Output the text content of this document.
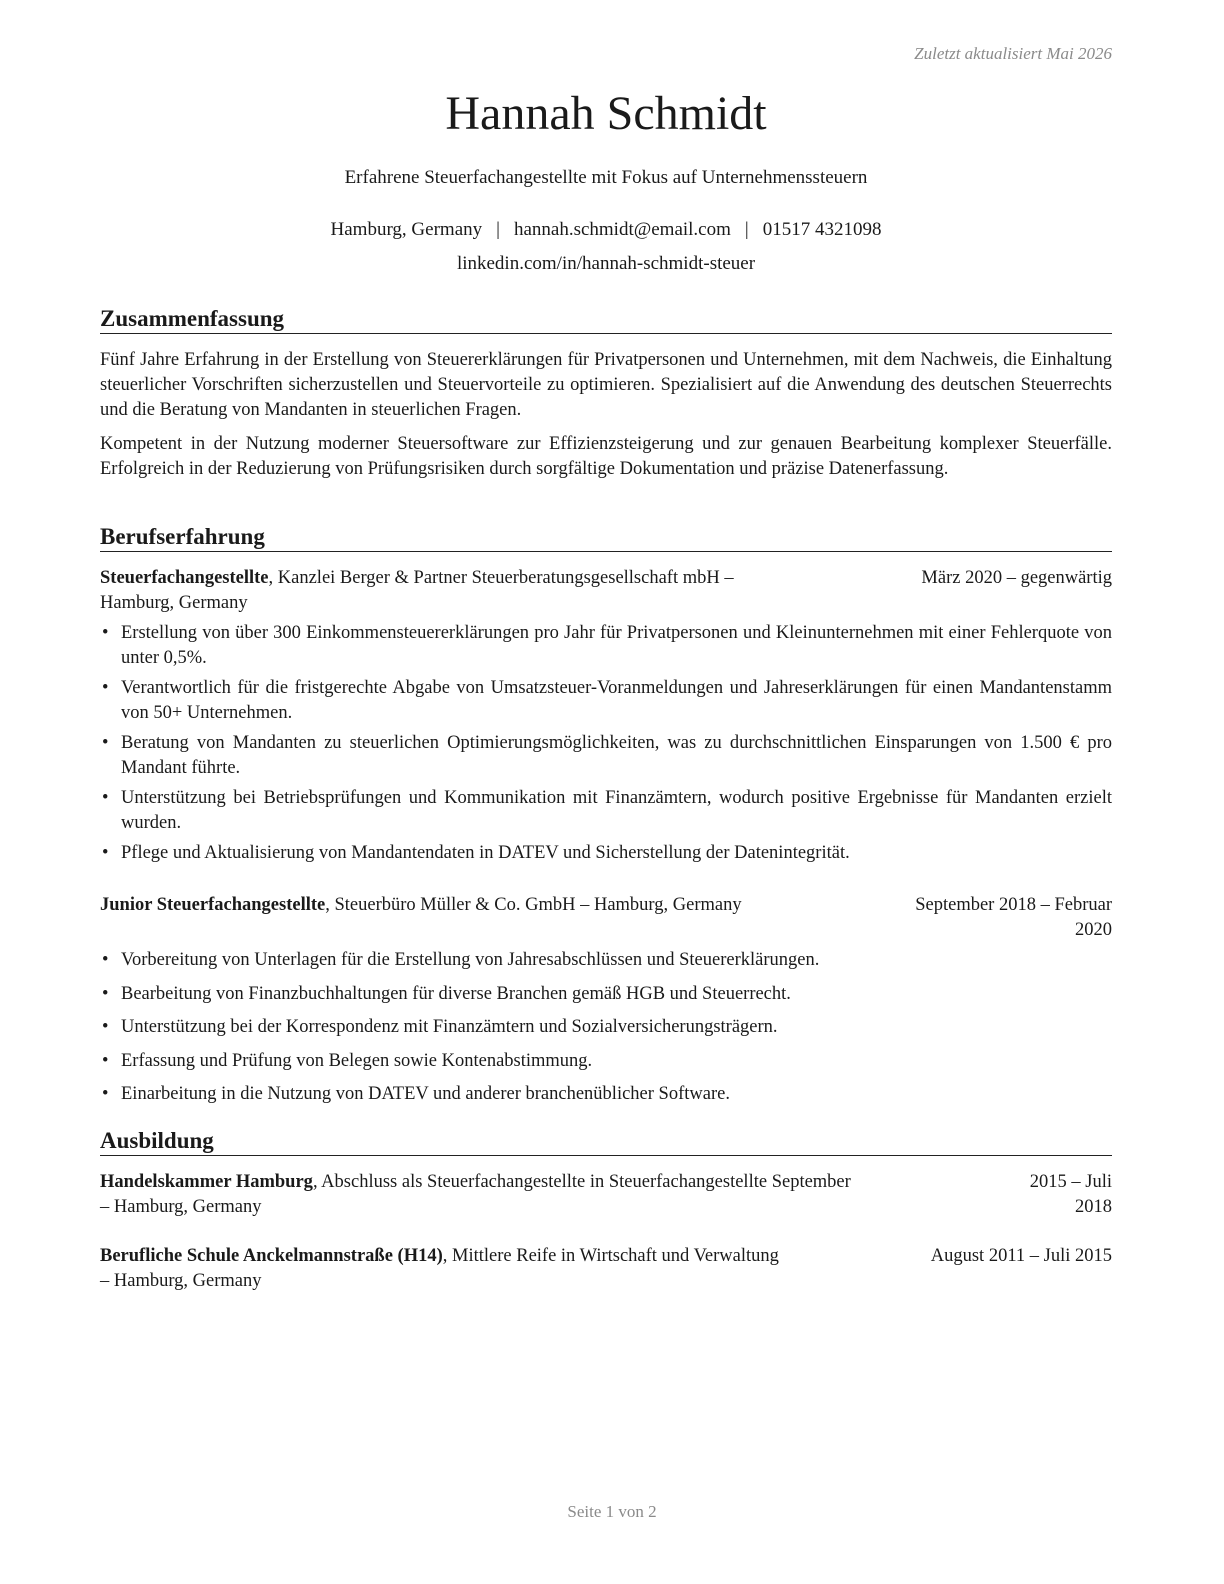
Zuletzt aktualisiert Mai 2026
Hannah Schmidt
Erfahrene Steuerfachangestellte mit Fokus auf Unternehmenssteuern
Hamburg, Germany | hannah.schmidt@email.com | 01517 4321098
linkedin.com/in/hannah-schmidt-steuer
Zusammenfassung
Fünf Jahre Erfahrung in der Erstellung von Steuererklärungen für Privatpersonen und Unternehmen, mit dem Nachweis, die Einhaltung steuerlicher Vorschriften sicherzustellen und Steuervorteile zu optimieren. Spezialisiert auf die Anwendung des deutschen Steuerrechts und die Beratung von Mandanten in steuerlichen Fragen.
Kompetent in der Nutzung moderner Steuersoftware zur Effizienzsteigerung und zur genauen Bearbeitung komplexer Steuerfälle. Erfolgreich in der Reduzierung von Prüfungsrisiken durch sorgfältige Dokumentation und präzise Datenerfassung.
Berufserfahrung
Steuerfachangestellte, Kanzlei Berger & Partner Steuerberatungsgesellschaft mbH –
Hamburg, Germany
März 2020 – gegenwärtig
• Erstellung von über 300 Einkommensteuererklärungen pro Jahr für Privatpersonen und Kleinunternehmen mit einer Fehlerquote von unter 0,5%.
• Verantwortlich für die fristgerechte Abgabe von Umsatzsteuer-Voranmeldungen und Jahreserklärungen für einen Mandantenstamm von 50+ Unternehmen.
• Beratung von Mandanten zu steuerlichen Optimierungsmöglichkeiten, was zu durchschnittlichen Einsparungen von 1.500 € pro Mandant führte.
• Unterstützung bei Betriebsprüfungen und Kommunikation mit Finanzämtern, wodurch positive Ergebnisse für Mandanten erzielt wurden.
• Pflege und Aktualisierung von Mandantendaten in DATEV und Sicherstellung der Datenintegrität.
Junior Steuerfachangestellte, Steuerbüro Müller & Co. GmbH – Hamburg, Germany	September 2018 – Februar
2020
• Vorbereitung von Unterlagen für die Erstellung von Jahresabschlüssen und Steuererklärungen.
• Bearbeitung von Finanzbuchhaltungen für diverse Branchen gemäß HGB und Steuerrecht.
• Unterstützung bei der Korrespondenz mit Finanzämtern und Sozialversicherungsträgern.
• Erfassung und Prüfung von Belegen sowie Kontenabstimmung.
• Einarbeitung in die Nutzung von DATEV und anderer branchenüblicher Software.
Ausbildung
Handelskammer Hamburg, Abschluss als Steuerfachangestellte in Steuerfachangestellte September
– Hamburg, Germany
2015 – Juli
2018
Berufliche Schule Anckelmannstraße (H14), Mittlere Reife in Wirtschaft und Verwaltung
– Hamburg, Germany
August 2011 – Juli 2015
Seite 1 von 2
